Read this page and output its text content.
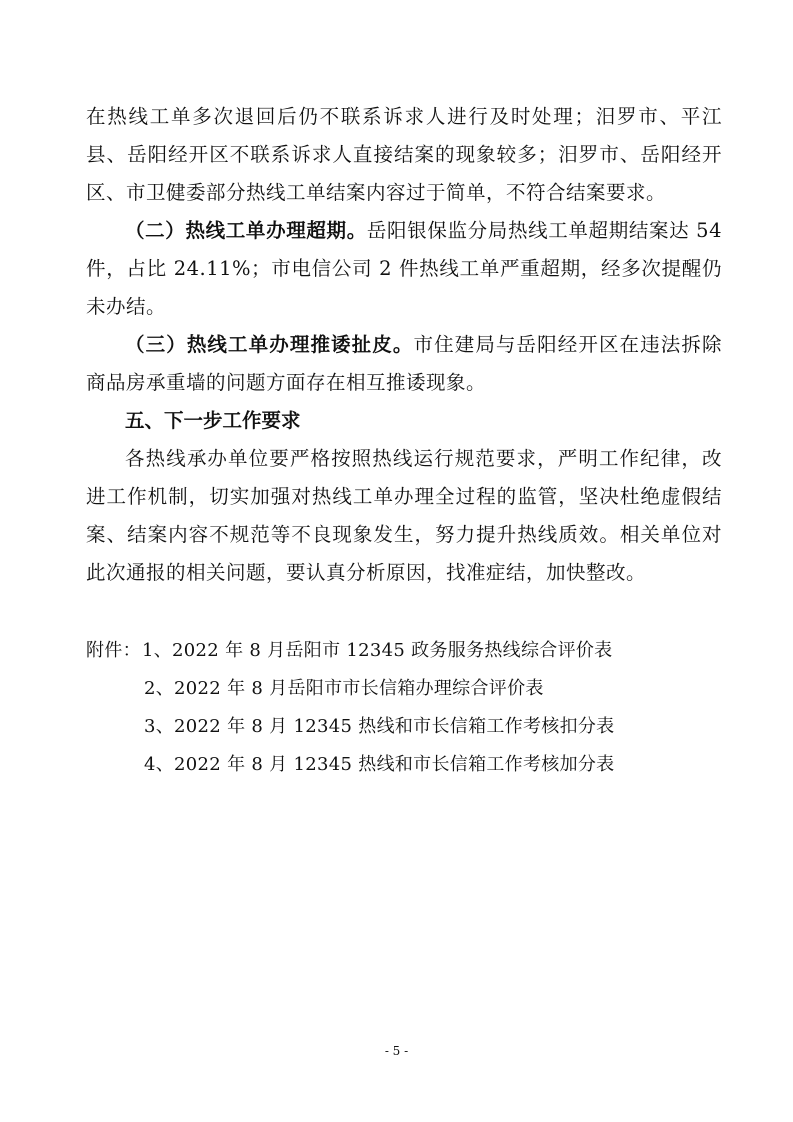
在热线工单多次退回后仍不联系诉求人进行及时处理；汨罗市、平江县、岳阳经开区不联系诉求人直接结案的现象较多；汨罗市、岳阳经开区、市卫健委部分热线工单结案内容过于简单，不符合结案要求。

（二）热线工单办理超期。岳阳银保监分局热线工单超期结案达 54 件，占比 24.11%；市电信公司 2 件热线工单严重超期，经多次提醒仍未办结。

（三）热线工单办理推诿扯皮。市住建局与岳阳经开区在违法拆除商品房承重墙的问题方面存在相互推诿现象。

五、下一步工作要求

各热线承办单位要严格按照热线运行规范要求，严明工作纪律，改进工作机制，切实加强对热线工单办理全过程的监管，坚决杜绝虚假结案、结案内容不规范等不良现象发生，努力提升热线质效。相关单位对此次通报的相关问题，要认真分析原因，找准症结，加快整改。

附件：1、2022 年 8 月岳阳市 12345 政务服务热线综合评价表
2、2022 年 8 月岳阳市市长信箱办理综合评价表
3、2022 年 8 月 12345 热线和市长信箱工作考核扣分表
4、2022 年 8 月 12345 热线和市长信箱工作考核加分表
- 5 -
